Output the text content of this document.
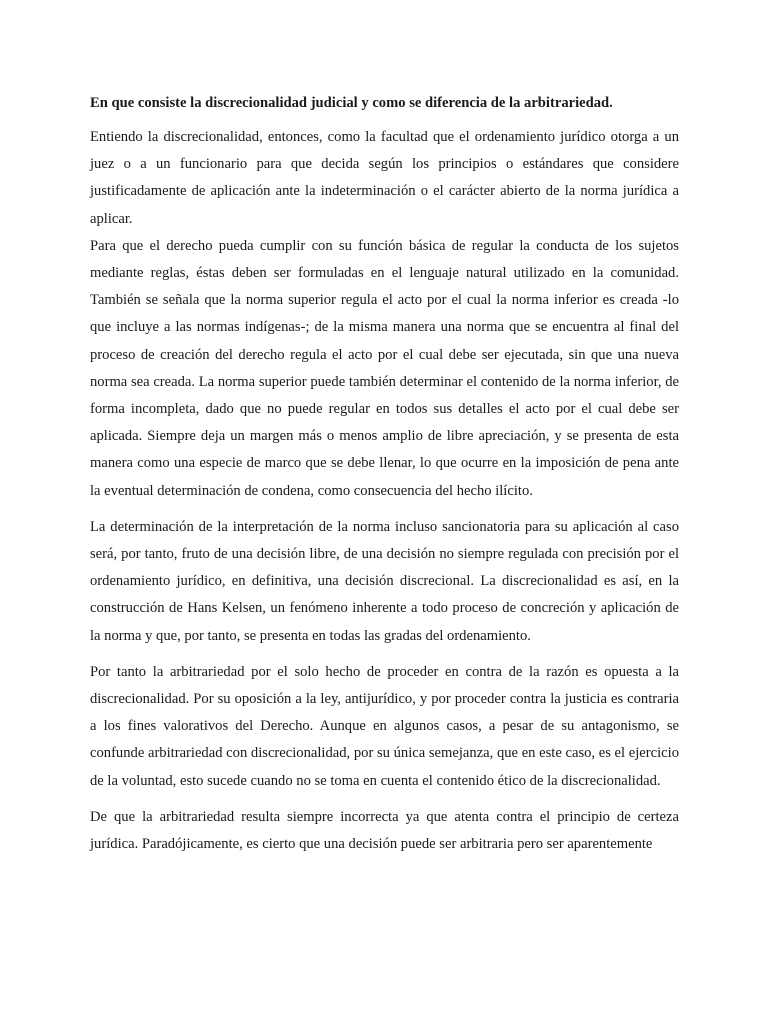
En que consiste la discrecionalidad judicial y como se diferencia de la arbitrariedad.

Entiendo la discrecionalidad, entonces, como la facultad que el ordenamiento jurídico otorga a un juez o a un funcionario para que decida según los principios o estándares que considere justificadamente de aplicación ante la indeterminación o el carácter abierto de la norma jurídica a aplicar.

Para que el derecho pueda cumplir con su función básica de regular la conducta de los sujetos mediante reglas, éstas deben ser formuladas en el lenguaje natural utilizado en la comunidad. También se señala que la norma superior regula el acto por el cual la norma inferior es creada -lo que incluye a las normas indígenas-; de la misma manera una norma que se encuentra al final del proceso de creación del derecho regula el acto por el cual debe ser ejecutada, sin que una nueva norma sea creada. La norma superior puede también determinar el contenido de la norma inferior, de forma incompleta, dado que no puede regular en todos sus detalles el acto por el cual debe ser aplicada. Siempre deja un margen más o menos amplio de libre apreciación, y se presenta de esta manera como una especie de marco que se debe llenar, lo que ocurre en la imposición de pena ante la eventual determinación de condena, como consecuencia del hecho ilícito.

La determinación de la interpretación de la norma incluso sancionatoria para su aplicación al caso será, por tanto, fruto de una decisión libre, de una decisión no siempre regulada con precisión por el ordenamiento jurídico, en definitiva, una decisión discrecional. La discrecionalidad es así, en la construcción de Hans Kelsen, un fenómeno inherente a todo proceso de concreción y aplicación de la norma y que, por tanto, se presenta en todas las gradas del ordenamiento.

Por tanto la arbitrariedad por el solo hecho de proceder en contra de la razón es opuesta a la discrecionalidad. Por su oposición a la ley, antijurídico, y por proceder contra la justicia es contraria a los fines valorativos del Derecho. Aunque en algunos casos, a pesar de su antagonismo, se confunde arbitrariedad con discrecionalidad, por su única semejanza, que en este caso, es el ejercicio de la voluntad, esto sucede cuando no se toma en cuenta el contenido ético de la discrecionalidad.

De que la arbitrariedad resulta siempre incorrecta ya que atenta contra el principio de certeza jurídica. Paradójicamente, es cierto que una decisión puede ser arbitraria pero ser aparentemente
